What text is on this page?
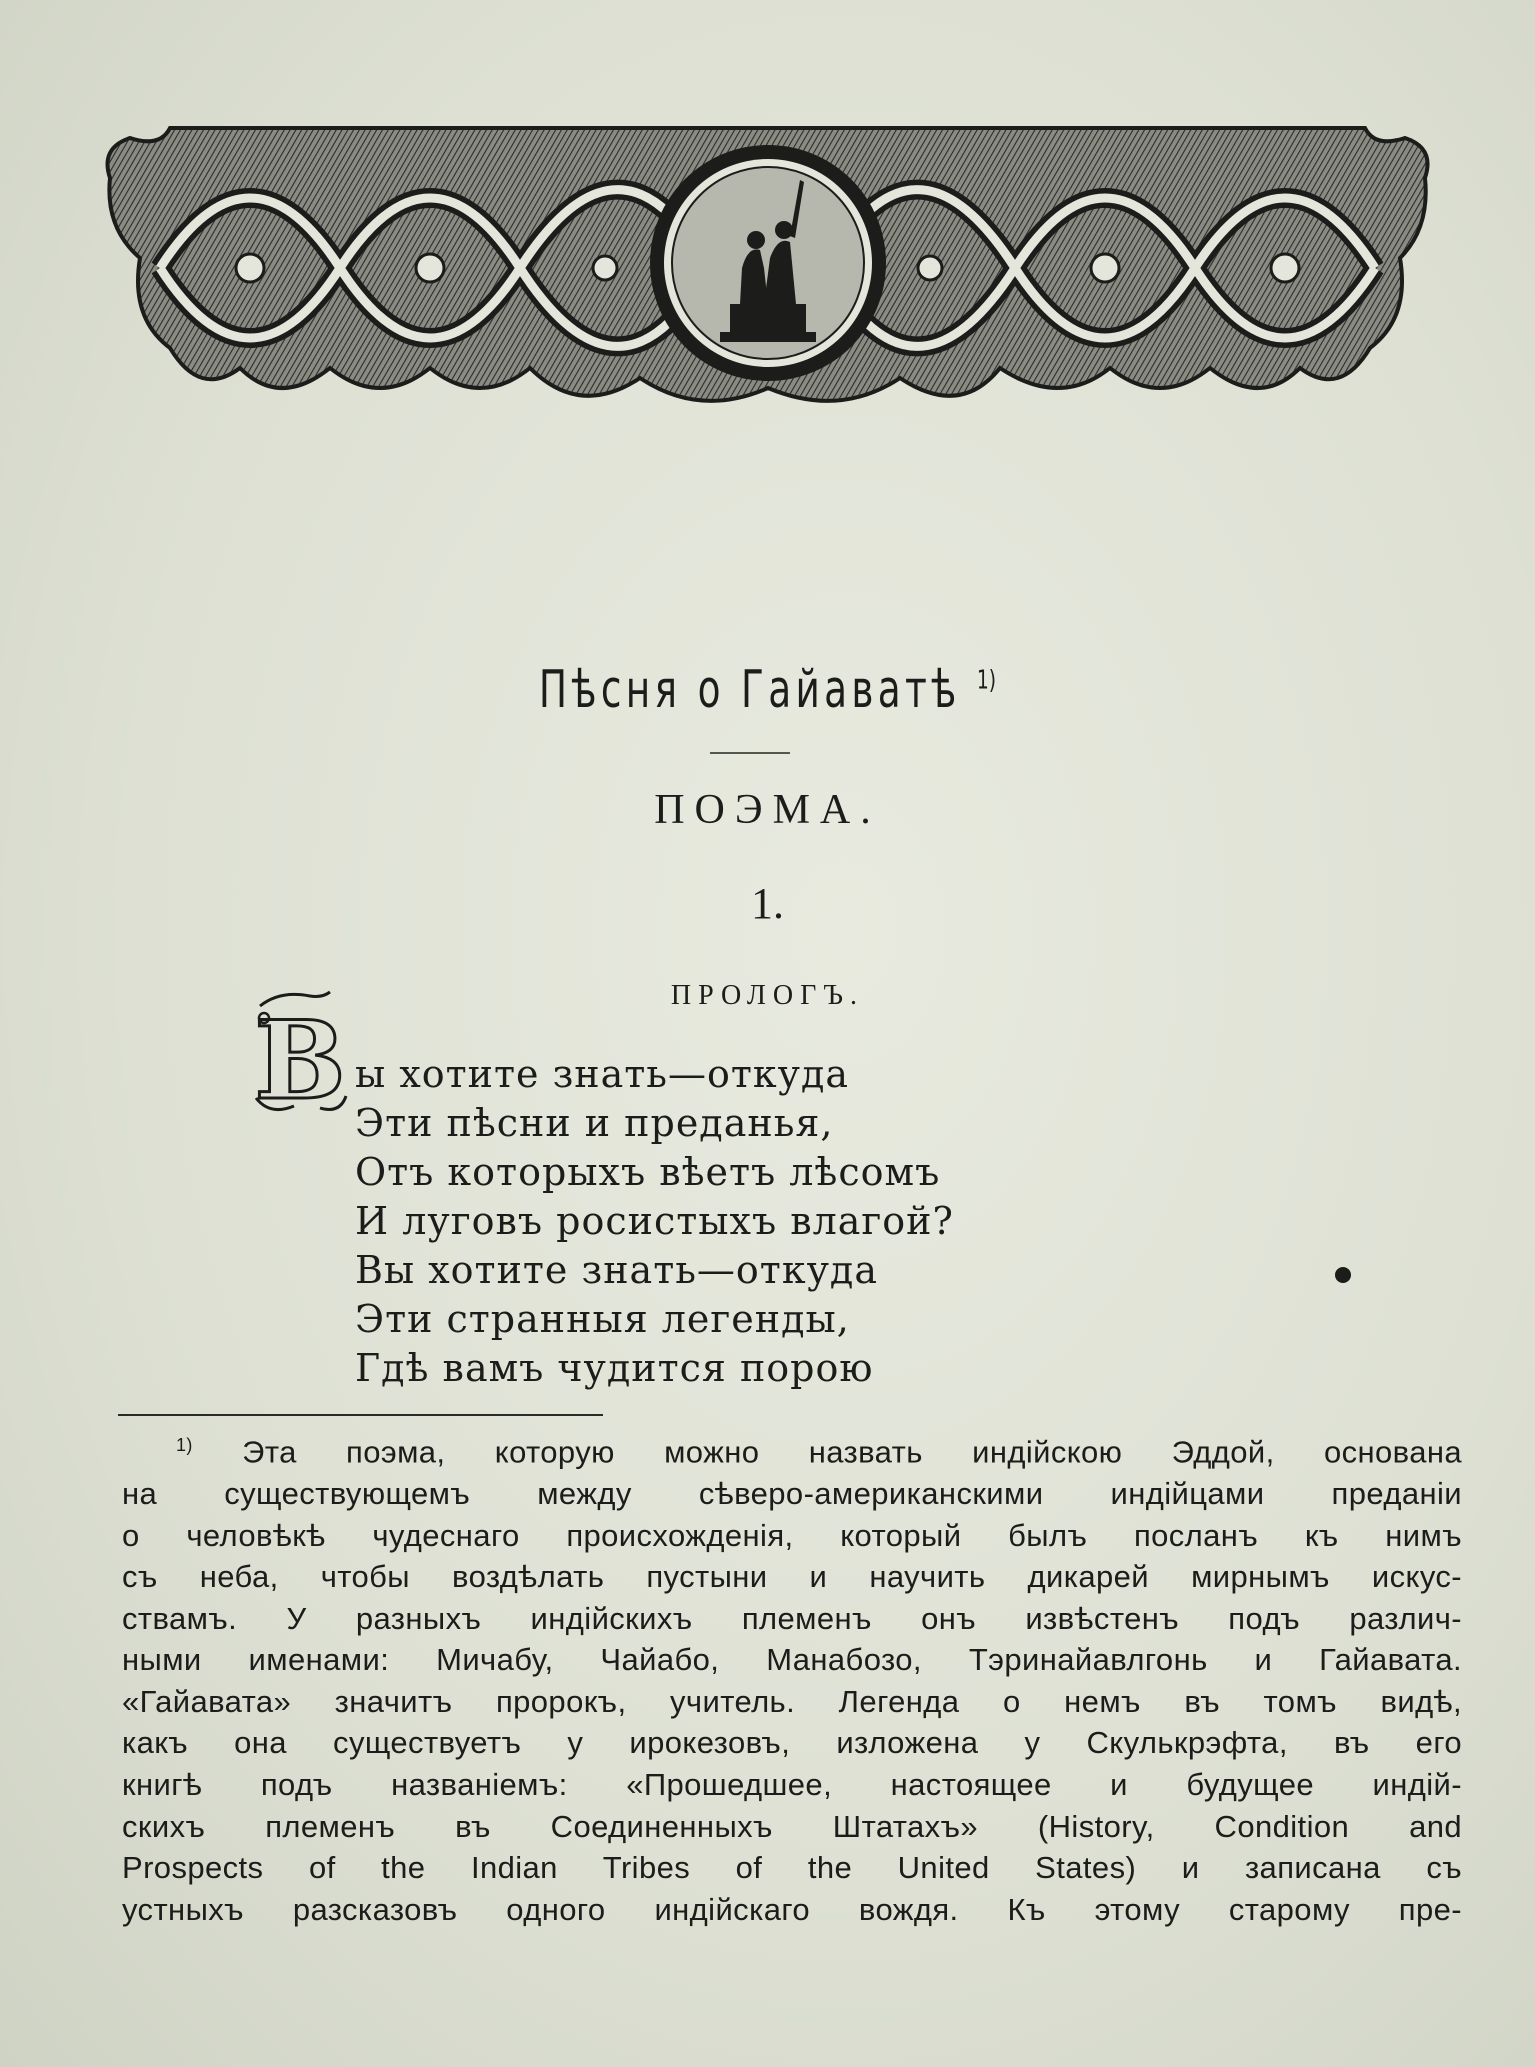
Пѣсня о Гайаватѣ $^{1)}$
ПОЭМА.
1.
ПРОЛОГЪ.
В ы хотите знать—откуда
Эти пѣсни и преданья,
Отъ которыхъ вѣетъ лѣсомъ
И луговъ росистыхъ влагой?
Вы хотите знать—откуда
Эти странныя легенды,
Гдѣ вамъ чудится порою
$^{1)}$ Эта поэма, которую можно назвать индійскою Эддой, основана
на существующемъ между сѣверо-американскими индійцами преданіи
о человѣкѣ чудеснаго происхожденія, который былъ посланъ къ нимъ
съ неба, чтобы воздѣлать пустыни и научить дикарей мирнымъ искус-
ствамъ. У разныхъ индійскихъ племенъ онъ извѣстенъ подъ различ-
ными именами: Мичабу, Чайабо, Манабозо, Тэринайавлгонь и Гайавата.
«Гайавата» значитъ пророкъ, учитель. Легенда о немъ въ томъ видѣ,
какъ она существуетъ у ирокезовъ, изложена у Скулькрэфта, въ его
книгѣ подъ названіемъ: «Прошедшее, настоящее и будущее индій-
скихъ племенъ въ Соединенныхъ Штатахъ» (History, Condition and
Prospects of the Indian Tribes of the United States) и записана съ
устныхъ разсказовъ одного индійскаго вождя. Къ этому старому пре-
